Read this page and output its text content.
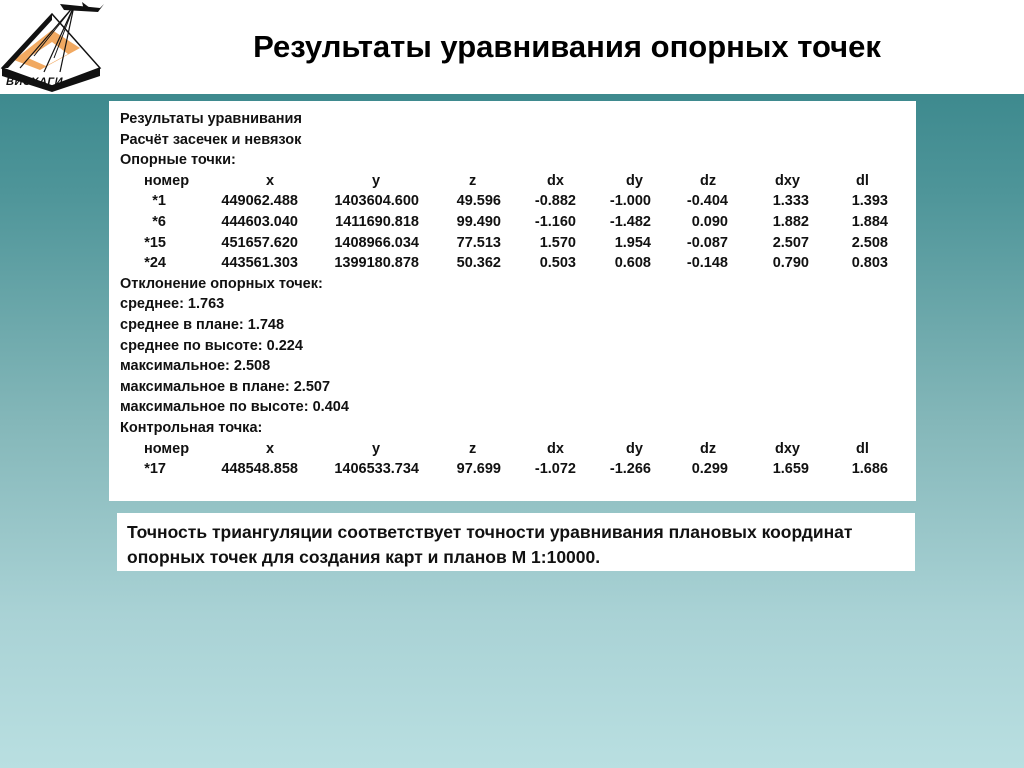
ВИСХАГИ
Результаты уравнивания опорных точек
Результаты уравнивания
Расчёт засечек и невязок
Опорные точки:
номер	x	y	z	dx	dy	dz	dxy	dl
*1	449062.488	1403604.600	49.596 -0.882 -1.000 -0.404	1.333	1.393
*6	444603.040	1411690.818	99.490 -1.160 -1.482	0.090	1.882	1.884
*15	451657.620	1408966.034	77.513	1.570	1.954 -0.087	2.507	2.508
*24	443561.303	1399180.878	50.362	0.503	0.608 -0.148	0.790	0.803
Отклонение опорных точек:
среднее: 1.763
среднее в плане: 1.748
среднее по высоте: 0.224
максимальное: 2.508
максимальное в плане: 2.507
максимальное по высоте: 0.404
Контрольная точка:
номер	x	y	z	dx	dy	dz	dxy	dl
*17	448548.858	1406533.734	97.699 -1.072 -1.266	0.299	1.659	1.686
Точность триангуляции соответствует точности уравнивания плановых координат опорных точек для создания карт и планов М 1:10000.
